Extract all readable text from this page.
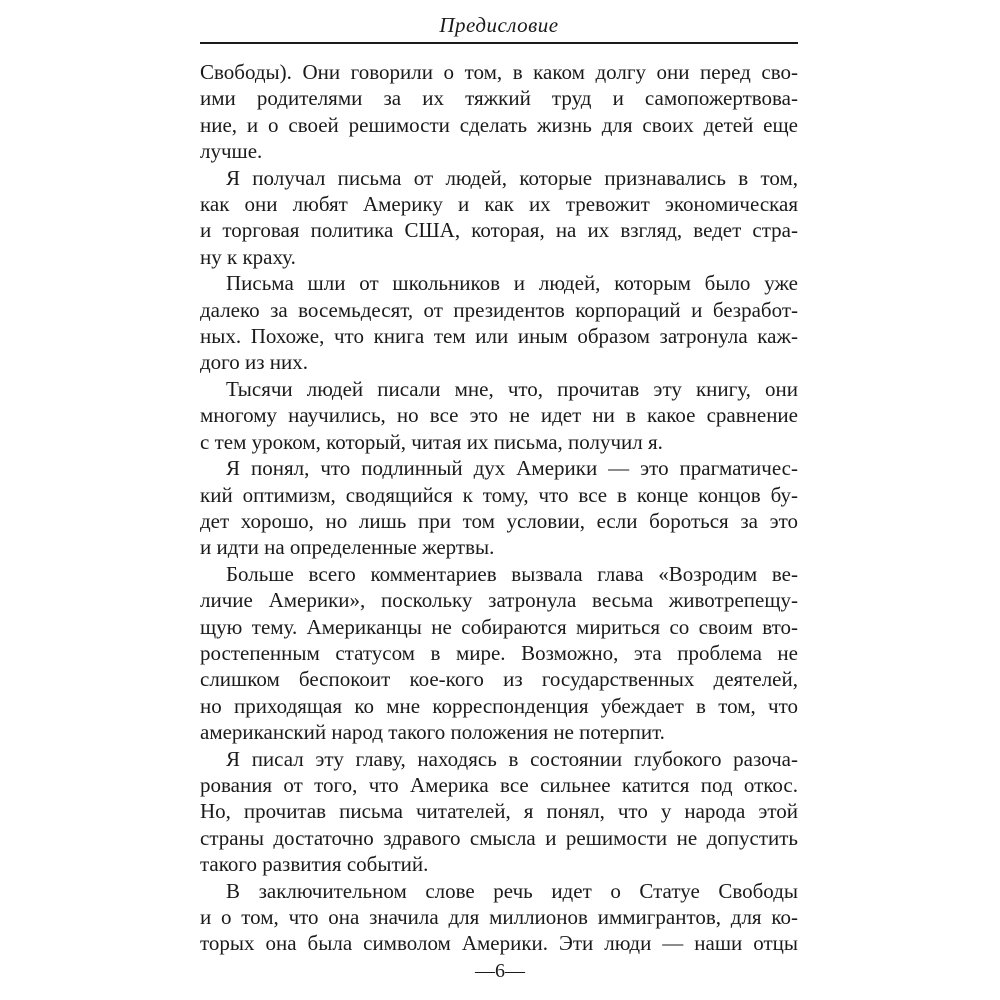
Предисловие
Свободы). Они говорили о том, в каком долгу они перед сво-
ими родителями за их тяжкий труд и самопожертвова-
ние, и о своей решимости сделать жизнь для своих детей еще
лучше.
Я получал письма от людей, которые признавались в том,
как они любят Америку и как их тревожит экономическая
и торговая политика США, которая, на их взгляд, ведет стра-
ну к краху.
Письма шли от школьников и людей, которым было уже
далеко за восемьдесят, от президентов корпораций и безработ-
ных. Похоже, что книга тем или иным образом затронула каж-
дого из них.
Тысячи людей писали мне, что, прочитав эту книгу, они
многому научились, но все это не идет ни в какое сравнение
с тем уроком, который, читая их письма, получил я.
Я понял, что подлинный дух Америки — это прагматичес-
кий оптимизм, сводящийся к тому, что все в конце концов бу-
дет хорошо, но лишь при том условии, если бороться за это
и идти на определенные жертвы.
Больше всего комментариев вызвала глава «Возродим ве-
личие Америки», поскольку затронула весьма животрепещу-
щую тему. Американцы не собираются мириться со своим вто-
ростепенным статусом в мире. Возможно, эта проблема не
слишком беспокоит кое-кого из государственных деятелей,
но приходящая ко мне корреспонденция убеждает в том, что
американский народ такого положения не потерпит.
Я писал эту главу, находясь в состоянии глубокого разоча-
рования от того, что Америка все сильнее катится под откос.
Но, прочитав письма читателей, я понял, что у народа этой
страны достаточно здравого смысла и решимости не допустить
такого развития событий.
В заключительном слове речь идет о Статуе Свободы
и о том, что она значила для миллионов иммигрантов, для ко-
торых она была символом Америки. Эти люди — наши отцы
—6—
